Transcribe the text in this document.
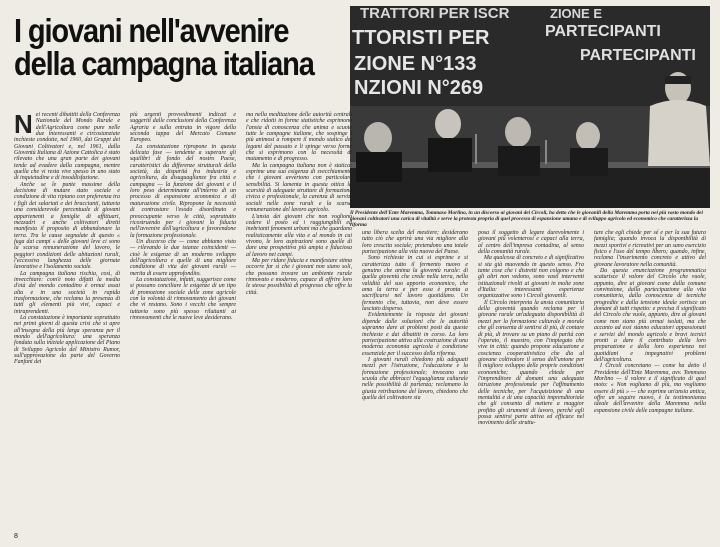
I giovani nell'avvenire
della campagna italiana
TRATTORI PER ISCR
TTORISTI PER
ZIONE N°133
NZIONI N°269
ZIONE E
PARTECIPANTI
PARTECIPANTI
Il Presidente dell'Ente Maremma, Tommaso Morlino, in un discorso ai giovani dei Circoli, ha detto che le giovanili della Maremma porta nei più vasto mondo dei giovani coltivatori una carica di vitalità e serve la protesta propria di quel processo di espansione umana e di sviluppo agricolo ed economico che caratterizza la riforma
N ei recenti dibattiti della Conferenza Nazionale del Mondo Rurale e dell'Agricoltura come pure nelle due interessanti e circostanziate inchieste condotte, nel 1960, dai Gruppi dei Giovani Coltivatori e, nel 1961, dalla Gioventù Italiana di Azione Cattolica è stato rilevato che una gran parte dei giovani tende ad evadere dalla campagna, mentre quella che vi resta vive spesso in uno stato di inquietudine e di insoddisfazione.

Anche se le punte massime della decisione di mutare stato sociale e condizione di vita ripiano con preferenza tra i figli dei salariati e dei braccianti, tuttavia una considerevole percentuale di giovani appartenenti a famiglie di affittuari, mezzadri e anche coltivatori diretti manifesta il proposito di abbandonare la terra. Tra le cause segnalate di questo « fuga dai campi » delle giovani leve ci sono la scarsa remunerazione del lavoro, le peggiori condizioni delle abitazioni rurali, l'eccessiva lunghezza delle giornate lavorative e l'isolamento sociale.

La campagna italiana rischia, così, di invecchiare: com'è noto difatti la media d'età del mondo contadino è ormai assai alta e in una società in rapida trasformazione, che reclama la presenza di tutti gli elementi più vivi, capaci e intraprendenti.

La constatazione è importante soprattutto nei primi giorni di questa crisi che si apre all'insegna della più larga speranza per il mondo dell'agricoltura: una speranza fondata sulla iniziale applicazione del Piano di Sviluppo Agricolo del Ministro Rumor, sull'approvazione da parte del Governo Fanfani dei

più urgenti provvedimenti indicati e suggeriti dalle conclusioni della Conferenza Agraria e sulla entrata in vigore della seconda tappa del Mercato Comune Europeo.

La constatazione ripropone in questa delicata fase — tendente a superare gli squilibri di fondo del nostro Paese, caratteristici da differenze strutturali della società, da disparità fra industria e agricoltura, da disuguaglianze fra città e campagna — la funzione dei giovani e il loro peso determinante all'interno di un processo di espansione economica e di maturazione civile. Ripropone la necessità di contrastare l'esodo disordinato e preoccupante verso le città, soprattutto ricostruendo per i giovani la fiducia nell'avvenire dell'agricoltura e favorendone la formazione professionale.

Un discorso che — come abbiamo visto — rilevando le due istanze coincidenti — cioè le esigenze di un moderno sviluppo dell'agricoltura e quelle di una migliore condizione di vita dei giovani rurali — merita di essere approfondito.

La constatazione, infatti, suggerisce come si possano conciliare le esigenze di un tipo di promozione sociale delle zone agricole con la volontà di rinnovamento dei giovani che vi restano. Sono i vecchi che sempre tuttavia sono più spesso riluttanti ai rinnovamenti che le nuove leve desiderano.

ma nella meditazione delle autorità centrali e che ridotti in forme statistiche esprimono l'ansia di conoscenza che anima e scuote tutte le campagne italiane, che sospinge i più animosi a rompere il mondo statico dei legami del passato e li spinge verso forme che si esprimono con la necessità di mutamento e di progresso.

Ma la campagna italiana non è statica: esprime una sua esigenza di svecchiamento che i giovani avvertono con particolare sensibilità. Si lamenta in questa ottica la scarsità di adeguate strutture di formazione civica e professionale, la carenza di servizi sociali nelle zone rurali e la scarsa remunerazione del lavoro agricolo.

L'ansia dei giovani che non vogliono cedere il posto ed i raggiungibili ed inebrianti fenomeni urbani ma che guardano realisticamente alla vita e al mondo in cui vivono, le loro aspirazioni sono quelle di dare una prospettiva più ampia e fiduciosa al lavoro nei campi.

Ma per ridare fiducia e manifestare stima occorre far sì che i giovani non siano soli, che possano trovare un ambiente rurale rinnovato e moderno, capace di offrire loro le stesse possibilità di progresso che offre la città.

una libera scelta del mestiere; desiderano tutto ciò che aprirà una via migliore alla loro crescita sociale; pretendono una totale partecipazione alla vita nuova del Paese.

Sono richieste in cui si esprime e si caratterizza tutto il fermento nuovo e genuino che anima la gioventù rurale: di quella gioventù che crede nella terra, nella validità del suo apporto economico, che ama la terra e per essa è pronta a sacrificarsi nel lavoro quotidiano. Un fermento che, tuttavia, non deve essere lasciato disperso.

Evidentemente la risposta dei giovani dipende dalle soluzioni che le autorità sapranno dare ai problemi posti da queste inchieste e dai dibattiti in corso. La loro partecipazione attiva alla costruzione di una moderna economia agricola è condizione essenziale per il successo della riforma.

I giovani rurali chiedono più adeguati mezzi per l'istruzione, l'educazione e la formazione professionale; invocano una scuola che abbracci l'eguaglianza culturale nelle possibilità di partenza; reclamano la giusta retribuzione del lavoro, chiedono che quella del coltivatore sia

posa il soggetto di legare durevolmente i giovani più volenterosi e capaci alla terra, al centro dell'impresa contadina, al senso della comunità rurale.

Ma qualcosa di concreto e di significativo si sta già muovendo in questo senso. Fra tante cose che i distretti non colgono e che gli altri non vedono, sono vasti interventi istituzionali rivolti ai giovani in molte zone d'Italia: interessanti esperienze organizzative sono i Circoli giovanili.

Il Circolo interpreta la ansia comunitaria della gioventù quando reclama per il giovane rurale un'adeguata disponibilità di mezzi per la formazione culturale e morale che gli consenta di sentirsi di più, di contare di più, di trovare su un piano di parità con l'operaio, il maestro, con l'impiegato che vive in città: quando propone educazione e coscienza cooperativistica che dia al giovane coltivatore il senso dell'unione per il migliore sviluppo delle proprie condizioni economiche; quando chiede per l'imprenditore di domani una adeguata istruzione professionale per l'affinamento delle tecniche, per l'acquisizione di una mentalità e di una capacità imprenditoriale che gli consenta di mettere a maggior profitto gli strumenti di lavoro, perché egli possa sentirsi parte attiva ed efficace nel movimento delle struttu-

ture che egli chiede per sé e per la sua futura famiglia; quando invoca la disponibilità di mezzi sportivi e ricreativi per un sano esercizio fisico e l'uso del tempo libero; quando, infine, reclama l'inserimento concreto e attivo del giovane lavoratore nella comunità.

Da questa enunciazione programmatica scaturisce il valore del Circolo che vuole, appunto, dire ai giovani come dalla comune convinzione, dalla partecipazione alla vita comunitaria, dalla conoscenza di tecniche progredite e dalla tensione ideale sortisce un domani di tutti rispetto: e precisa il significato del Circolo che vuole, appunto, dire ai giovani come non siano più ormai isolati, ma che accanto ad essi stanno educatori appassionati e servizi del mondo agricolo e bravi tecnici pronti a dare il contributo della loro preparazione e della loro esperienza nei quotidiani e impegnativi problemi dell'agricoltura.

I Circoli concretano — come ha detto il Presidente dell'Ente Maremma, avv. Tommaso Morlino — il valore e il significato di quel moto: « Non vogliamo di più, ma vogliamo essere di più » — che esprime un'ansia antica, offre un seguire nuovo, è la testimonianza ideale dell'avvenire della Maremma nella espansione civile delle campagne italiane.

8
